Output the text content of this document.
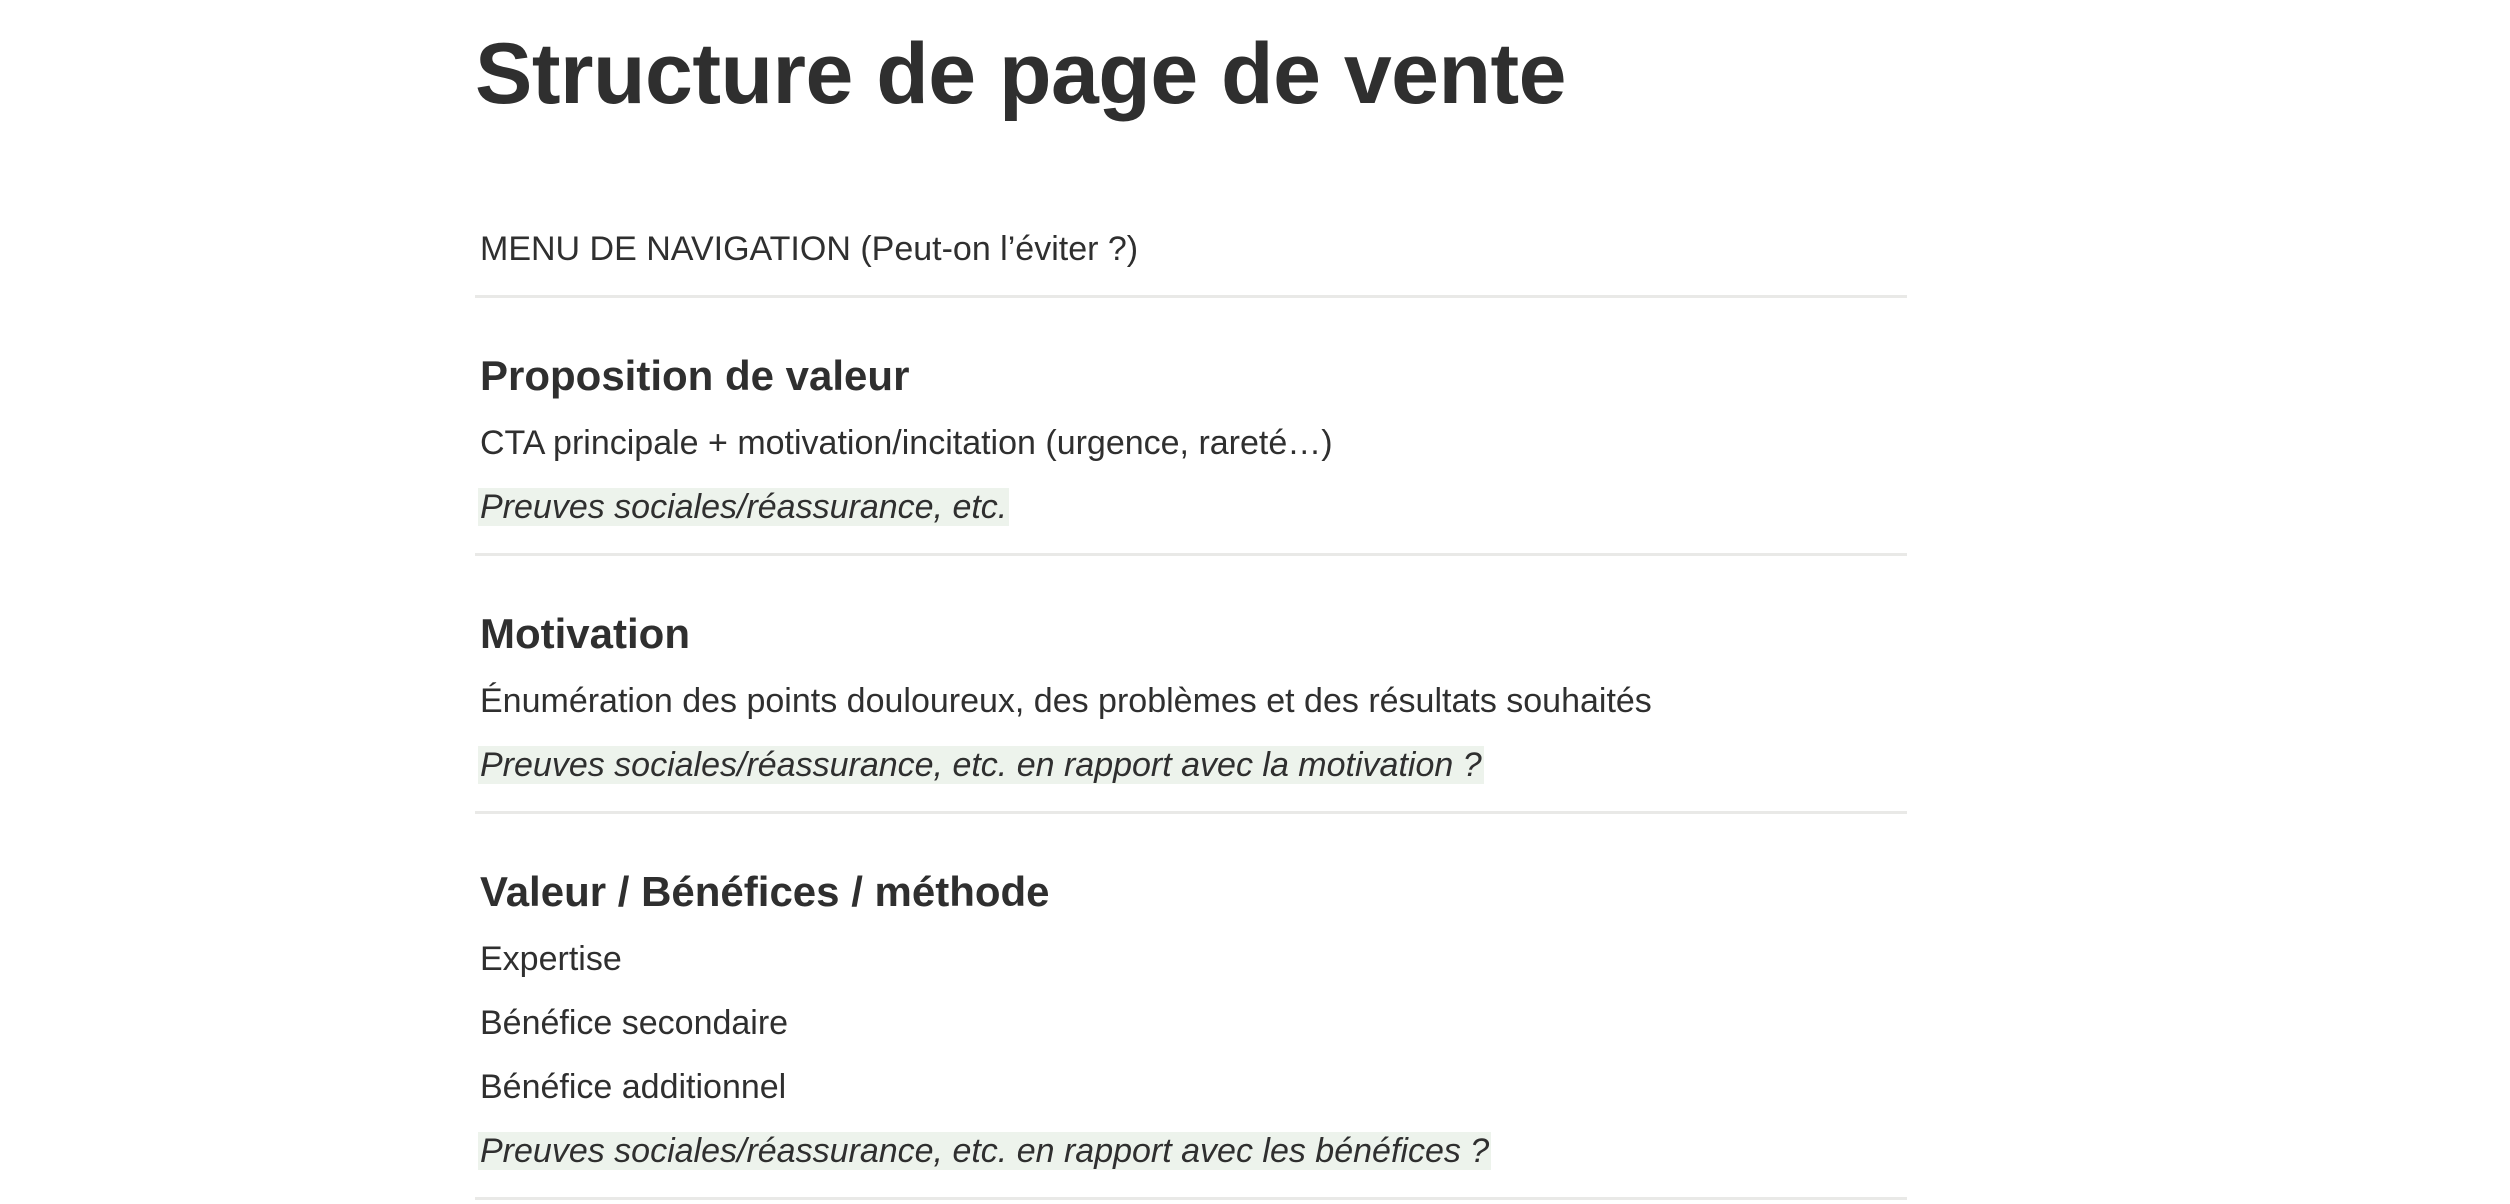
Structure de page de vente
MENU DE NAVIGATION (Peut-on l’éviter ?)
Proposition de valeur
CTA principale + motivation/incitation (urgence, rareté…)
Preuves sociales/réassurance, etc.
Motivation
Énumération des points douloureux, des problèmes et des résultats souhaités
Preuves sociales/réassurance, etc. en rapport avec la motivation ?
Valeur / Bénéfices / méthode
Expertise
Bénéfice secondaire
Bénéfice additionnel
Preuves sociales/réassurance, etc. en rapport avec les bénéfices ?
